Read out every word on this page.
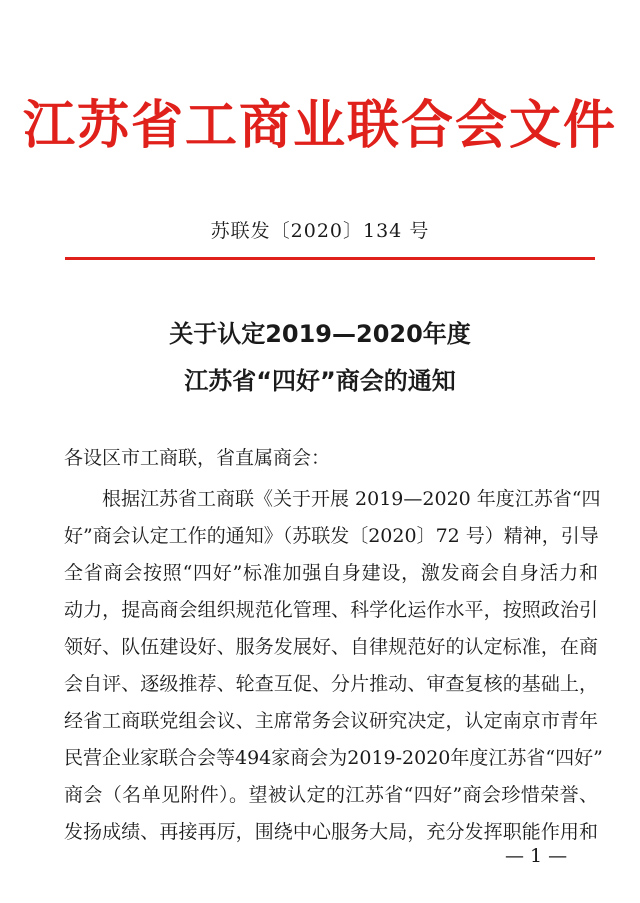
江苏省工商业联合会文件
苏联发〔2020〕134 号
关于认定2019—2020年度
江苏省“四好”商会的通知
各设区市工商联，省直属商会：
根据江苏省工商联《关于开展 2019—2020 年度江苏省“四
好”商会认定工作的通知》（苏联发〔2020〕72 号）精神，引导
全省商会按照“四好”标准加强自身建设，激发商会自身活力和
动力，提高商会组织规范化管理、科学化运作水平，按照政治引
领好、队伍建设好、服务发展好、自律规范好的认定标准，在商
会自评、逐级推荐、轮查互促、分片推动、审查复核的基础上，
经省工商联党组会议、主席常务会议研究决定，认定南京市青年
民营企业家联合会等494家商会为2019-2020年度江苏省“四好”
商会（名单见附件）。望被认定的江苏省“四好”商会珍惜荣誉、
发扬成绩、再接再厉，围绕中心服务大局，充分发挥职能作用和
— 1 —
